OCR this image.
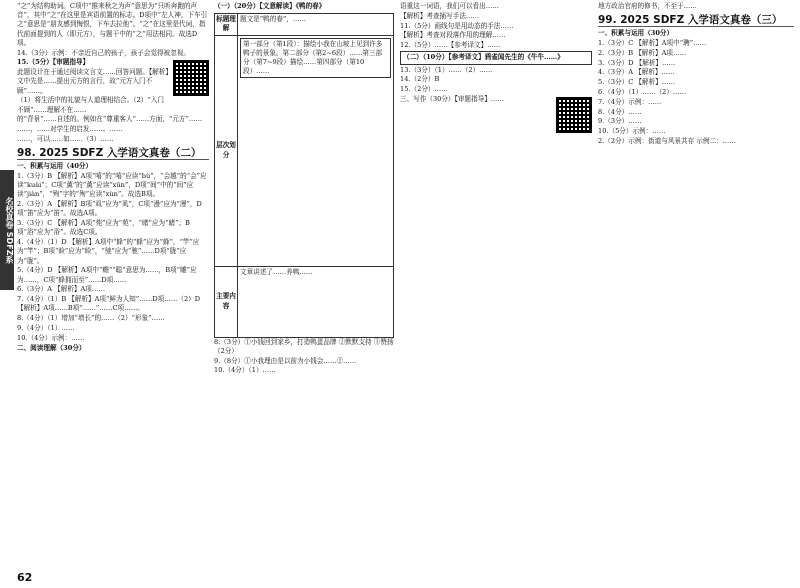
名校真卷 SDFZ系

“之”为结构助词。C项中“推来秋之为声”意思为“只听奔跑的声音”，其中“之”在这里是宾语前置的标志。D项中“左人神，下车引之”意思是“朋友感到悔恨，下车去拉他”。“之”在这里是代词，指代前面提到的人（即元方），与题干中的“之”用法相同。故选D项。

14.（3分）示例：不亲近自己的孩子，孩子会觉得被忽视。

15.（5分）【审题指导】

此题设计在于通过阅读文言文……回答问题。【解析】文中先是……提出元方的言行，故“元方入门不顾”……。

（1）将生活中的礼貌与人道理相结合。（2）“入门不顾”……理解不在……

的“背景”……自述的。例如在“尊重客人”……方面，“元方”……

……，……对学生的启发……。……

……，可以……如……（3）……

98. 2025 SDFZ 入学语文真卷（二）

一、积累与运用（40分）

1.（3分）B 【解析】A项“嘻”的“嘻”应读“bù”，“会越”的“会”应读“kuài”；C项“薰”的“薰”应读“xūn”，D项“间”中的“间”应读“jiàn”，“殉”字的“殉”应读“xùn”。故选B项。

2.（3分）A 【解析】B项“虱”应为“虱”，C项“漫”应为“漫”，D项“笛”应为“笛”。故选A项。

3.（3分）C 【解析】A项“苑”应为“苑”，“睹”应为“睹”；B项“浴”应为“浴”。故选C项。

4.（4分）（1）D 【解析】A项中“蜂”的“蜂”应为“蜂”，“竿”应为“竿”；B项“睑”应为“睑”，“驰”应为“驰”……D项“胧”应为“胧”。

5.（4分）D 【解析】A项中“赡”“聪”意思为……，B项“雕”应为……，C项“蜂拥而至”……D项……

6.（3分）A 【解析】A项……

7.（4分）（1）B 【解析】A项“鲜为人知”……D项……（2）D【解析】A项……B项“……”……C项……。

8.（4分）（1）增加“增长”的……（2）“形象”……

9.（4分）（1）……

10.（4分）示例：……

二、阅读理解（30分）

（一）（20分）【文意解读】《鸭的春》

标题理解
题文是“鸭的春”，……
层次划分
第一部分（第1段）：描绘小我在山坡上见到许多鸭子的景象。第二部分（第2~6段）……第三部分（第7~9段）描绘……第四部分（第10段）……
主要内容
文章讲述了……养鸭……

8.（3分）①小钱回到家乡，打造鸭蛋品牌 ②默默支持 ③赞扬（2分）

9.（8分）①小我理由是以前为小钱会……②……

10.（4分）（1）……

语重这一词语，我们可以看出……

【解析】考查插写手法……

11.（5分）画线句是用动态的手法……

【解析】考查对段落作用的理解……

12.（5分）……【参考译文】……

（二）（10分）【参考译文】鸦雀闻先生的《牛牛……》

13.（3分）（1）……（2）……

14.（2分）B

15.（2分）……

三、写作（30分）【审题指导】……

地方政治官府的修书，不至于……

99. 2025 SDFZ 入学语文真卷（三）

一、积累与运用（30分）

1.（3分）C 【解析】A项中“聘”……

2.（3分）B 【解析】A项……

3.（3分）D 【解析】……

4.（3分）A 【解析】……

5.（3分）C 【解析】……

6.（4分）（1）……（2）……

7.（4分）示例：……

8.（4分）……

9.（3分）……

10.（5分）示例：……

2.（2分）示例：街道与风景共存 示例二：……

62
